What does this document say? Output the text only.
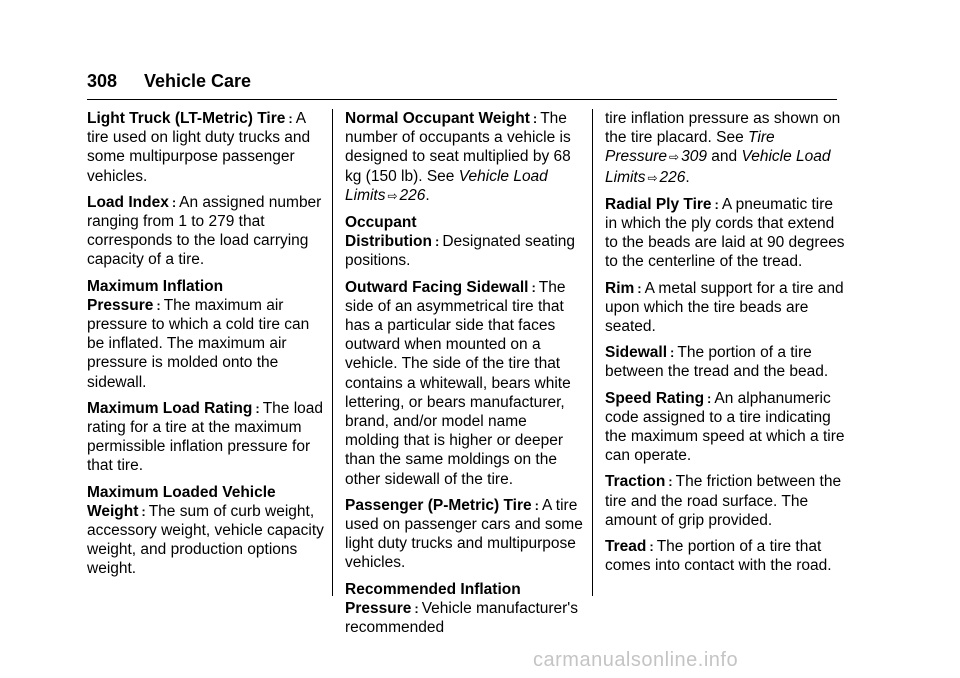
308 Vehicle Care

Light Truck (LT-Metric) Tire : A tire used on light duty trucks and some multipurpose passenger vehicles.

Load Index : An assigned number ranging from 1 to 279 that corresponds to the load carrying capacity of a tire.

Maximum Inflation Pressure : The maximum air pressure to which a cold tire can be inflated. The maximum air pressure is molded onto the sidewall.

Maximum Load Rating : The load rating for a tire at the maximum permissible inflation pressure for that tire.

Maximum Loaded Vehicle Weight : The sum of curb weight, accessory weight, vehicle capacity weight, and production options weight.

Normal Occupant Weight : The number of occupants a vehicle is designed to seat multiplied by 68 kg (150 lb). See Vehicle Load Limits ⇨ 226.

Occupant Distribution : Designated seating positions.

Outward Facing Sidewall : The side of an asymmetrical tire that has a particular side that faces outward when mounted on a vehicle. The side of the tire that contains a whitewall, bears white lettering, or bears manufacturer, brand, and/or model name molding that is higher or deeper than the same moldings on the other sidewall of the tire.

Passenger (P-Metric) Tire : A tire used on passenger cars and some light duty trucks and multipurpose vehicles.

Recommended Inflation Pressure : Vehicle manufacturer's recommended

tire inflation pressure as shown on the tire placard. See Tire Pressure ⇨ 309 and Vehicle Load Limits ⇨ 226.

Radial Ply Tire : A pneumatic tire in which the ply cords that extend to the beads are laid at 90 degrees to the centerline of the tread.

Rim : A metal support for a tire and upon which the tire beads are seated.

Sidewall : The portion of a tire between the tread and the bead.

Speed Rating : An alphanumeric code assigned to a tire indicating the maximum speed at which a tire can operate.

Traction : The friction between the tire and the road surface. The amount of grip provided.

Tread : The portion of a tire that comes into contact with the road.

carmanualsonline.info
